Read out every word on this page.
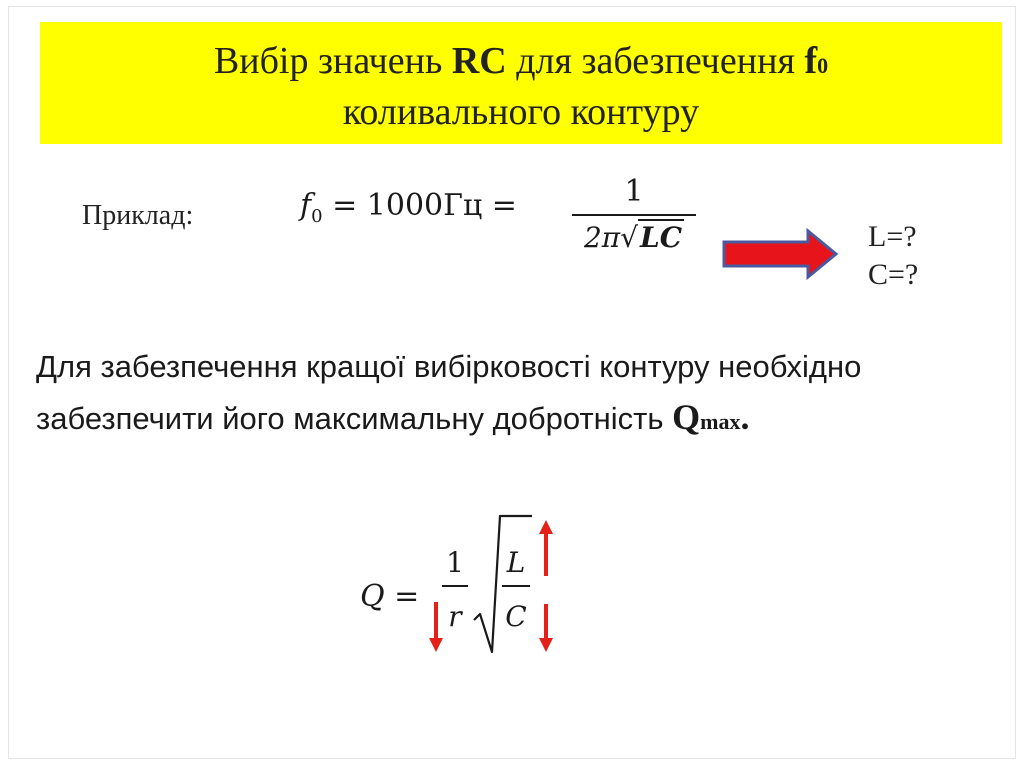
Вибір значень RC для забезпечення f0
коливального контуру
Приклад:	$f_0 = 1000Гц$ =	1
2π√LC	L=?
C=?
Для забезпечення кращої вибірковості контуру необхідно забезпечити його максимальну добротність Qmax.
Q =
1
r
L
C
